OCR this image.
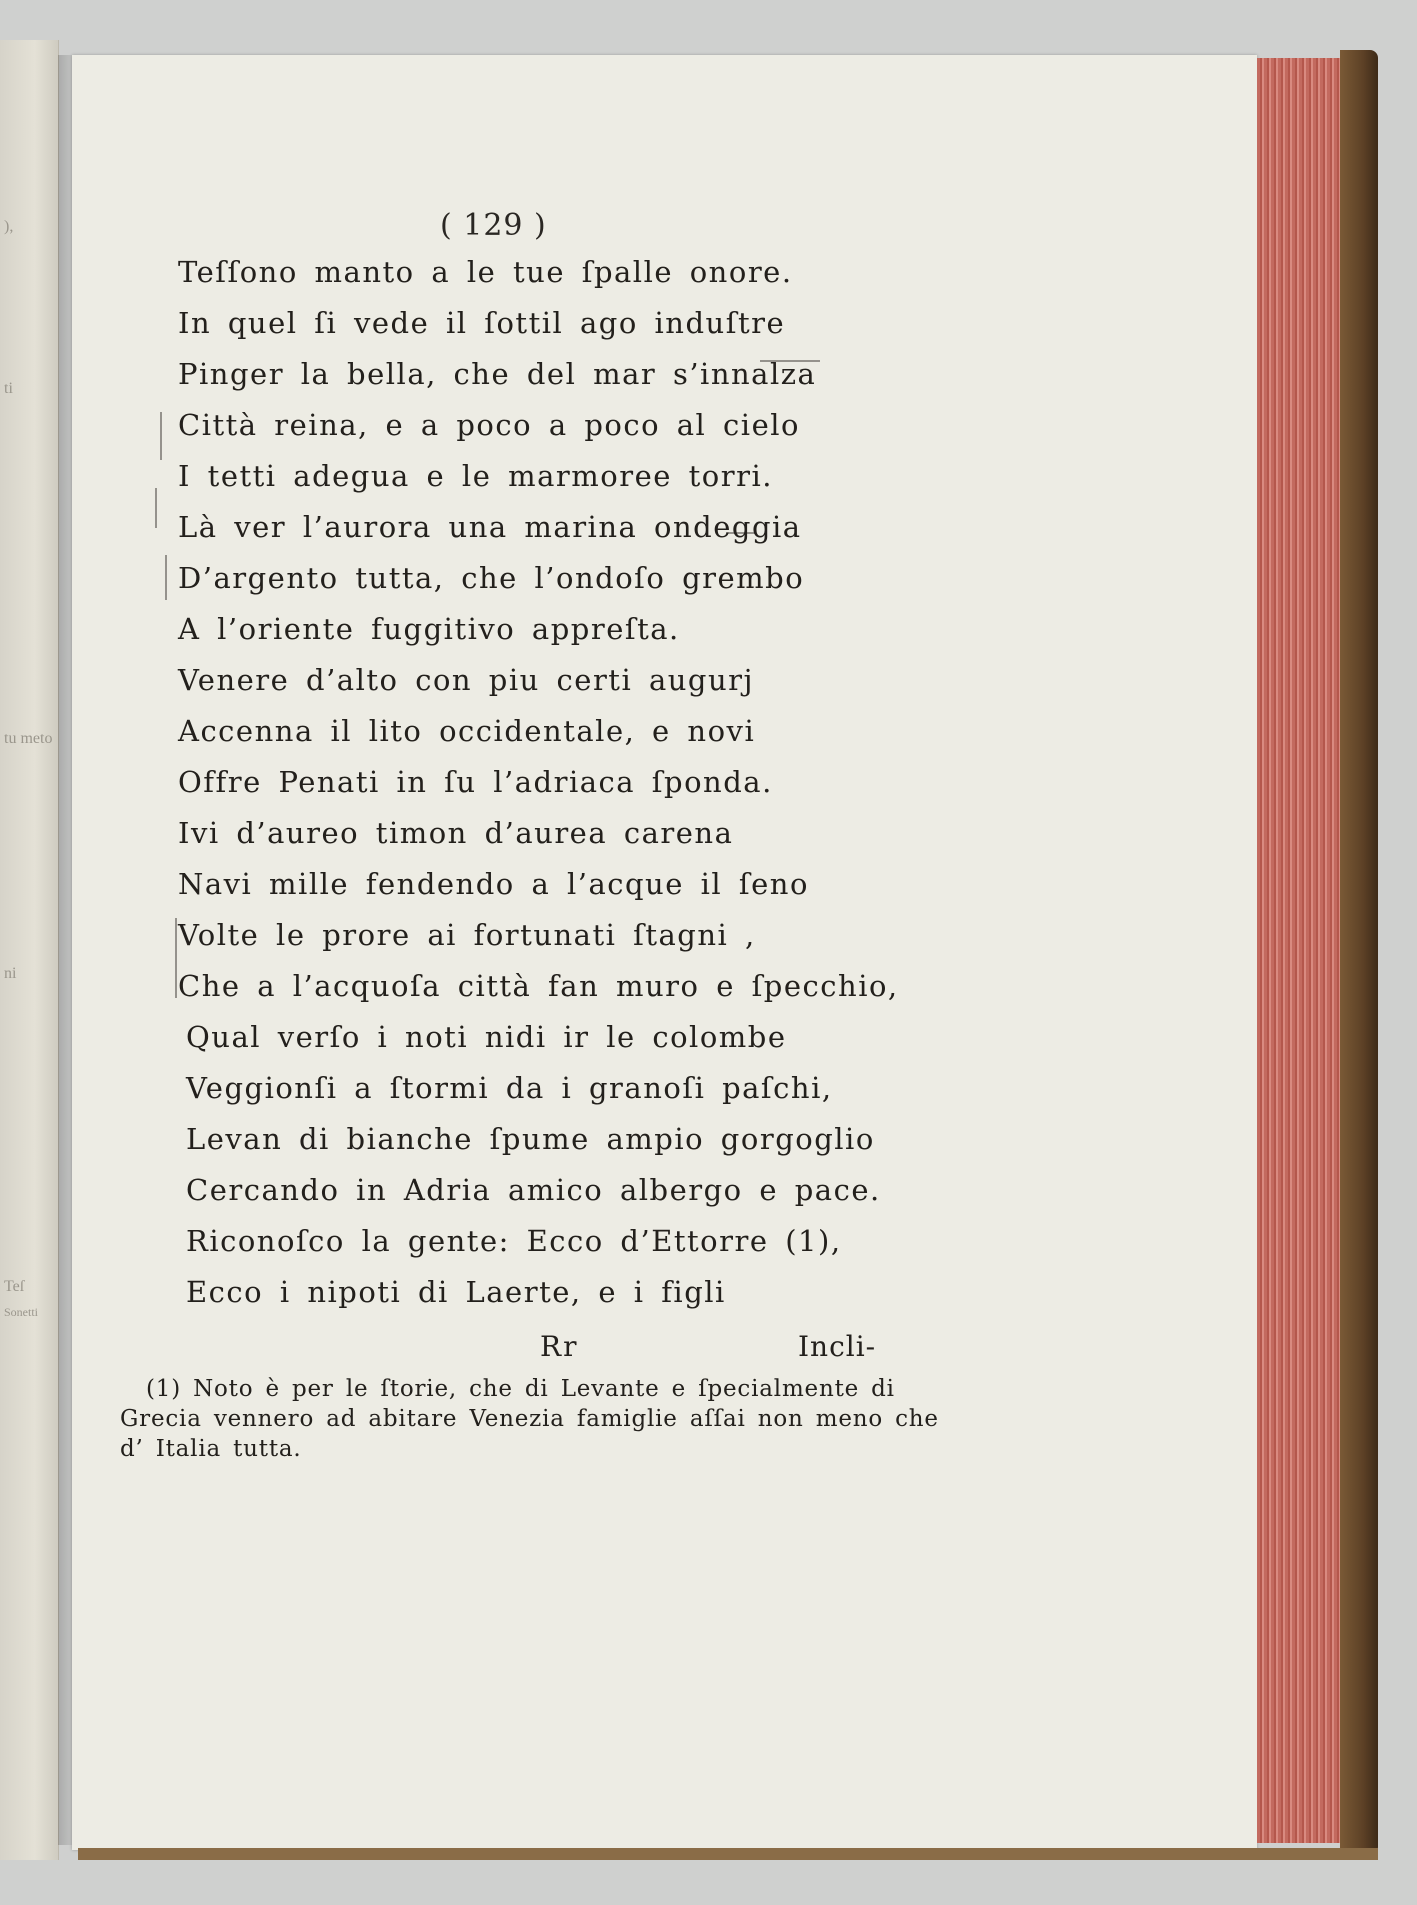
),
ti
tu meto
ni
Teſ
Sonetti
( 129 )
Teſſono manto a le tue ſpalle onore.
In quel ſi vede il ſottil ago induſtre
Pinger la bella, che del mar s’innalza
Città reina, e a poco a poco al cielo
I tetti adegua e le marmoree torri.
Là ver l’aurora una marina ondeggia
D’argento tutta, che l’ondoſo grembo
A l’oriente fuggitivo appreſta.
Venere d’alto con piu certi augurj
Accenna il lito occidentale, e novi
Offre Penati in ſu l’adriaca ſponda.
Ivi d’aureo timon d’aurea carena
Navi mille fendendo a l’acque il ſeno
Volte le prore ai fortunati ſtagni ,
Che a l’acquoſa città fan muro e ſpecchio,
Qual verſo i noti nidi ir le colombe
Veggionſi a ſtormi da i granoſi paſchi,
Levan di bianche ſpume ampio gorgoglio
Cercando in Adria amico albergo e pace.
Riconoſco la gente: Ecco d’Ettorre (1),
Ecco i nipoti di Laerte, e i figli
Rr	Incli-
(1) Noto è per le ſtorie, che di Levante e ſpecialmente di
Grecia vennero ad abitare Venezia famiglie aſſai non meno che
d’ Italia tutta.
